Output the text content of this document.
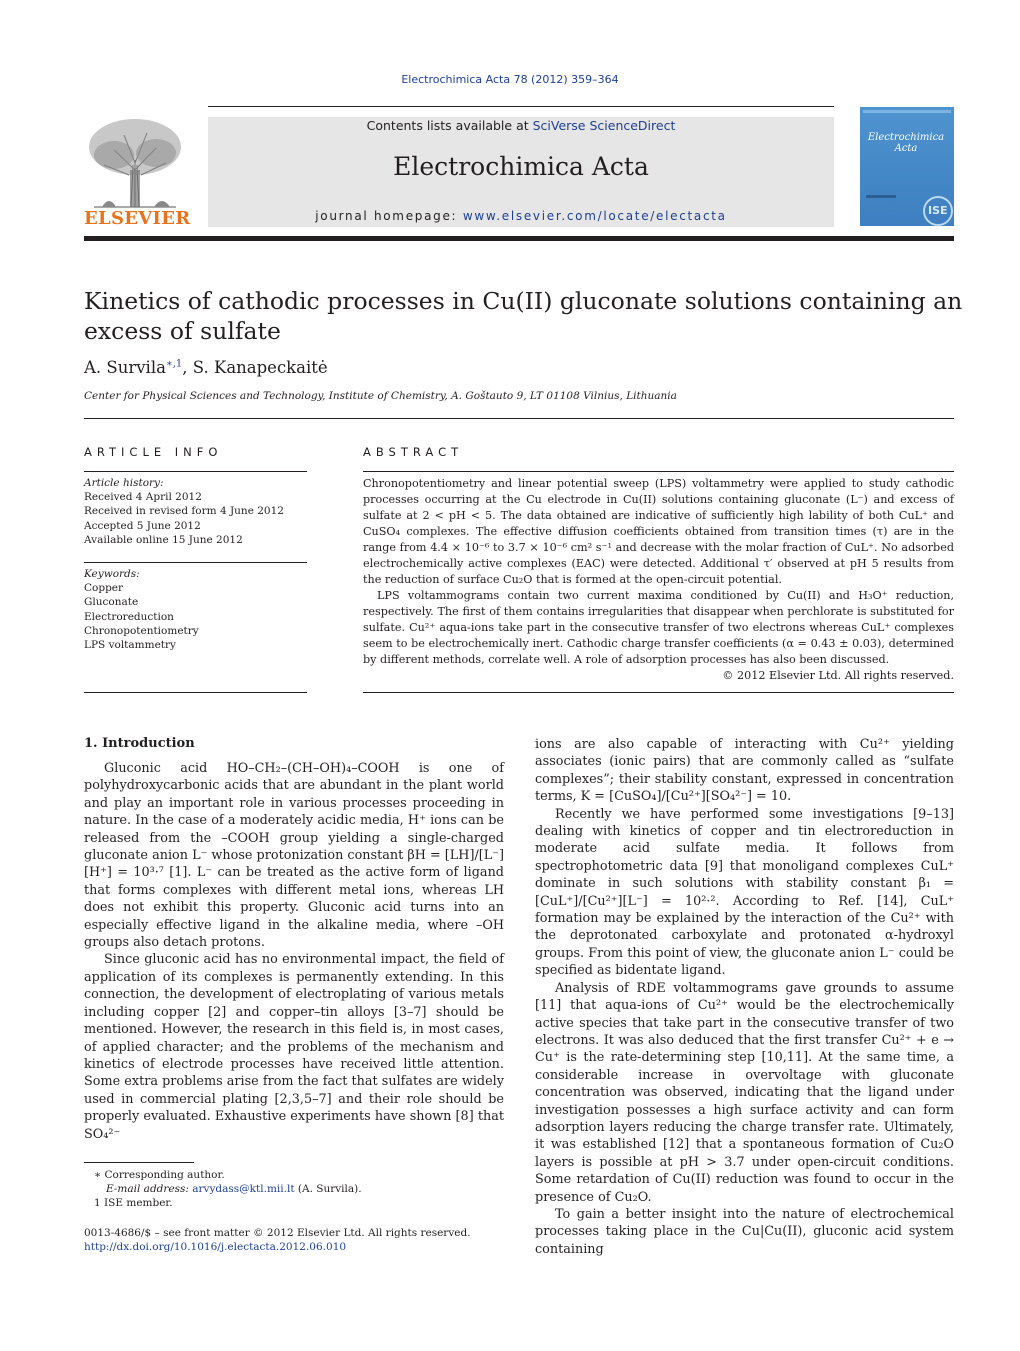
Electrochimica Acta 78 (2012) 359–364
ELSEVIER
Contents lists available at SciVerse ScienceDirect
Electrochimica Acta
journal homepage: www.elsevier.com/locate/electacta	ISE
Electrochimica Acta
Kinetics of cathodic processes in Cu(II) gluconate solutions containing an excess of sulfate
A. Survila$^{∗,1}$, S. Kanapeckaitė
Center for Physical Sciences and Technology, Institute of Chemistry, A. Goštauto 9, LT 01108 Vilnius, Lithuania
ARTICLE INFO	ABSTRACT
Article history:
Received 4 April 2012
Received in revised form 4 June 2012
Accepted 5 June 2012
Available online 15 June 2012
Keywords:
Copper
Gluconate
Electroreduction
Chronopotentiometry
LPS voltammetry

Chronopotentiometry and linear potential sweep (LPS) voltammetry were applied to study cathodic processes occurring at the Cu electrode in Cu(II) solutions containing gluconate (L⁻) and excess of sulfate at 2 < pH < 5. The data obtained are indicative of sufficiently high lability of both CuL⁺ and CuSO₄ complexes. The effective diffusion coefficients obtained from transition times (τ) are in the range from 4.4 × 10⁻⁶ to 3.7 × 10⁻⁶ cm² s⁻¹ and decrease with the molar fraction of CuL⁺. No adsorbed electrochemically active complexes (EAC) were detected. Additional τ′ observed at pH 5 results from the reduction of surface Cu₂O that is formed at the open-circuit potential.

LPS voltammograms contain two current maxima conditioned by Cu(II) and H₃O⁺ reduction, respectively. The first of them contains irregularities that disappear when perchlorate is substituted for sulfate. Cu²⁺ aqua-ions take part in the consecutive transfer of two electrons whereas CuL⁺ complexes seem to be electrochemically inert. Cathodic charge transfer coefficients (α = 0.43 ± 0.03), determined by different methods, correlate well. A role of adsorption processes has also been discussed.

© 2012 Elsevier Ltd. All rights reserved.

1. Introduction

Gluconic acid HO–CH₂–(CH–OH)₄–COOH is one of polyhydroxycarbonic acids that are abundant in the plant world and play an important role in various processes proceeding in nature. In the case of a moderately acidic media, H⁺ ions can be released from the –COOH group yielding a single-charged gluconate anion L⁻ whose protonization constant βH = [LH]/[L⁻][H⁺] = 10³·⁷ [1]. L⁻ can be treated as the active form of ligand that forms complexes with different metal ions, whereas LH does not exhibit this property. Gluconic acid turns into an especially effective ligand in the alkaline media, where –OH groups also detach protons.

Since gluconic acid has no environmental impact, the field of application of its complexes is permanently extending. In this connection, the development of electroplating of various metals including copper [2] and copper–tin alloys [3–7] should be mentioned. However, the research in this field is, in most cases, of applied character; and the problems of the mechanism and kinetics of electrode processes have received little attention. Some extra problems arise from the fact that sulfates are widely used in commercial plating [2,3,5–7] and their role should be properly evaluated. Exhaustive experiments have shown [8] that SO₄²⁻

ions are also capable of interacting with Cu²⁺ yielding associates (ionic pairs) that are commonly called as “sulfate complexes”; their stability constant, expressed in concentration terms, K = [CuSO₄]/[Cu²⁺][SO₄²⁻] = 10.

Recently we have performed some investigations [9–13] dealing with kinetics of copper and tin electroreduction in moderate acid sulfate media. It follows from spectrophotometric data [9] that monoligand complexes CuL⁺ dominate in such solutions with stability constant β₁ = [CuL⁺]/[Cu²⁺][L⁻] = 10²·². According to Ref. [14], CuL⁺ formation may be explained by the interaction of the Cu²⁺ with the deprotonated carboxylate and protonated α-hydroxyl groups. From this point of view, the gluconate anion L⁻ could be specified as bidentate ligand.

Analysis of RDE voltammograms gave grounds to assume [11] that aqua-ions of Cu²⁺ would be the electrochemically active species that take part in the consecutive transfer of two electrons. It was also deduced that the first transfer Cu²⁺ + e → Cu⁺ is the rate-determining step [10,11]. At the same time, a considerable increase in overvoltage with gluconate concentration was observed, indicating that the ligand under investigation possesses a high surface activity and can form adsorption layers reducing the charge transfer rate. Ultimately, it was established [12] that a spontaneous formation of Cu₂O layers is possible at pH > 3.7 under open-circuit conditions. Some retardation of Cu(II) reduction was found to occur in the presence of Cu₂O.

To gain a better insight into the nature of electrochemical processes taking place in the Cu|Cu(II), gluconic acid system containing

∗ Corresponding author.
E-mail address: arvydass@ktl.mii.lt (A. Survila).
1 ISE member.
0013-4686/$ – see front matter © 2012 Elsevier Ltd. All rights reserved.
http://dx.doi.org/10.1016/j.electacta.2012.06.010
